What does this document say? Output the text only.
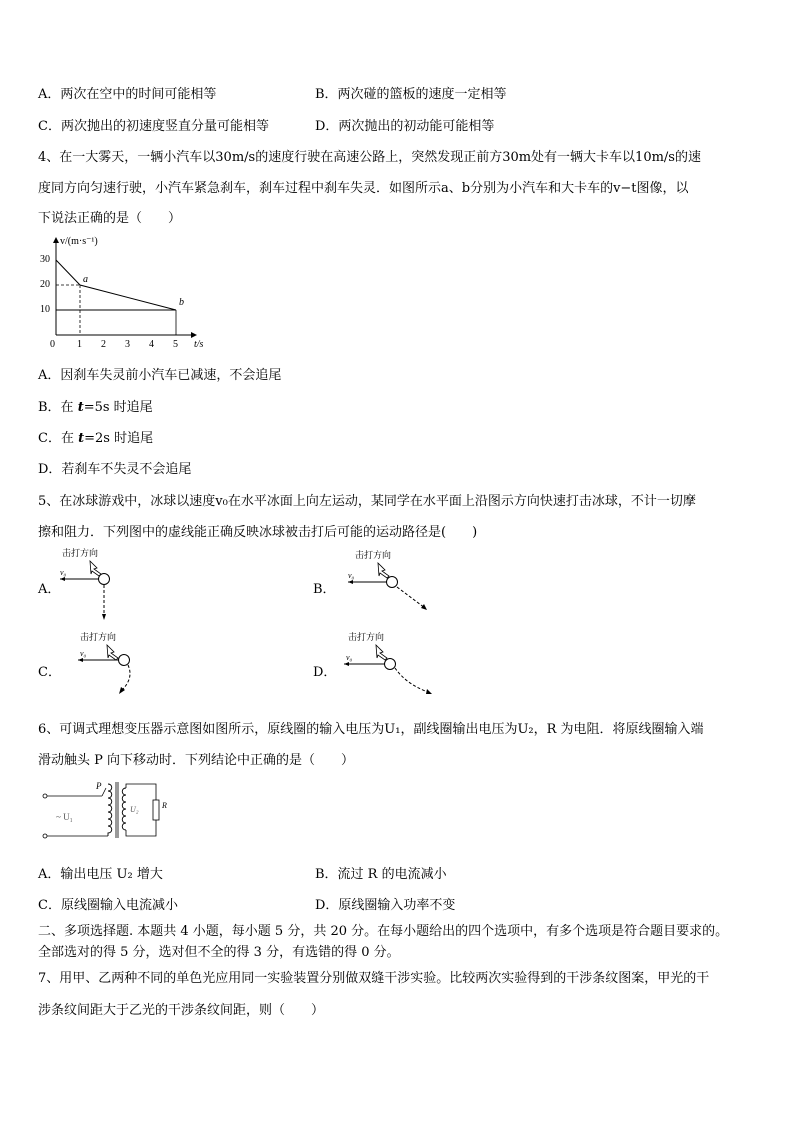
A．两次在空中的时间可能相等	B．两次碰的篮板的速度一定相等
C．两次抛出的初速度竖直分量可能相等	D．两次抛出的初动能可能相等
4、在一大雾天，一辆小汽车以30m/s的速度行驶在高速公路上，突然发现正前方30m处有一辆大卡车以10m/s的速
度同方向匀速行驶，小汽车紧急刹车，刹车过程中刹车失灵．如图所示a、b分别为小汽车和大卡车的v−t图像，以
下说法正确的是（　　）
v/(m·s⁻¹)
t/s
30
20
10
0 1 2 3 4 5
a
b
A．因刹车失灵前小汽车已减速，不会追尾
B．在 t=5s 时追尾
C．在 t=2s 时追尾
D．若刹车不失灵不会追尾
5、在冰球游戏中，冰球以速度v₀在水平冰面上向左运动，某同学在水平面上沿图示方向快速打击冰球，不计一切摩
擦和阻力．下列图中的虚线能正确反映冰球被击打后可能的运动路径是(　　)
A．	B．
C．	D．
击打方向
v₀
击打方向
v₀
击打方向
v₀
击打方向
v₀
6、可调式理想变压器示意图如图所示，原线圈的输入电压为U₁，副线圈输出电压为U₂，R 为电阻．将原线圈输入端
滑动触头 P 向下移动时．下列结论中正确的是（　　）
~ U₁
P
R
U₂
A．输出电压 U₂ 增大	B．流过 R 的电流减小
C．原线圈输入电流减小	D．原线圈输入功率不变
二、多项选择题. 本题共 4 小题，每小题 5 分，共 20 分。在每小题给出的四个选项中，有多个选项是符合题目要求的。
全部选对的得 5 分，选对但不全的得 3 分，有选错的得 0 分。
7、用甲、乙两种不同的单色光应用同一实验装置分别做双缝干涉实验。比较两次实验得到的干涉条纹图案，甲光的干
涉条纹间距大于乙光的干涉条纹间距，则（　　）
